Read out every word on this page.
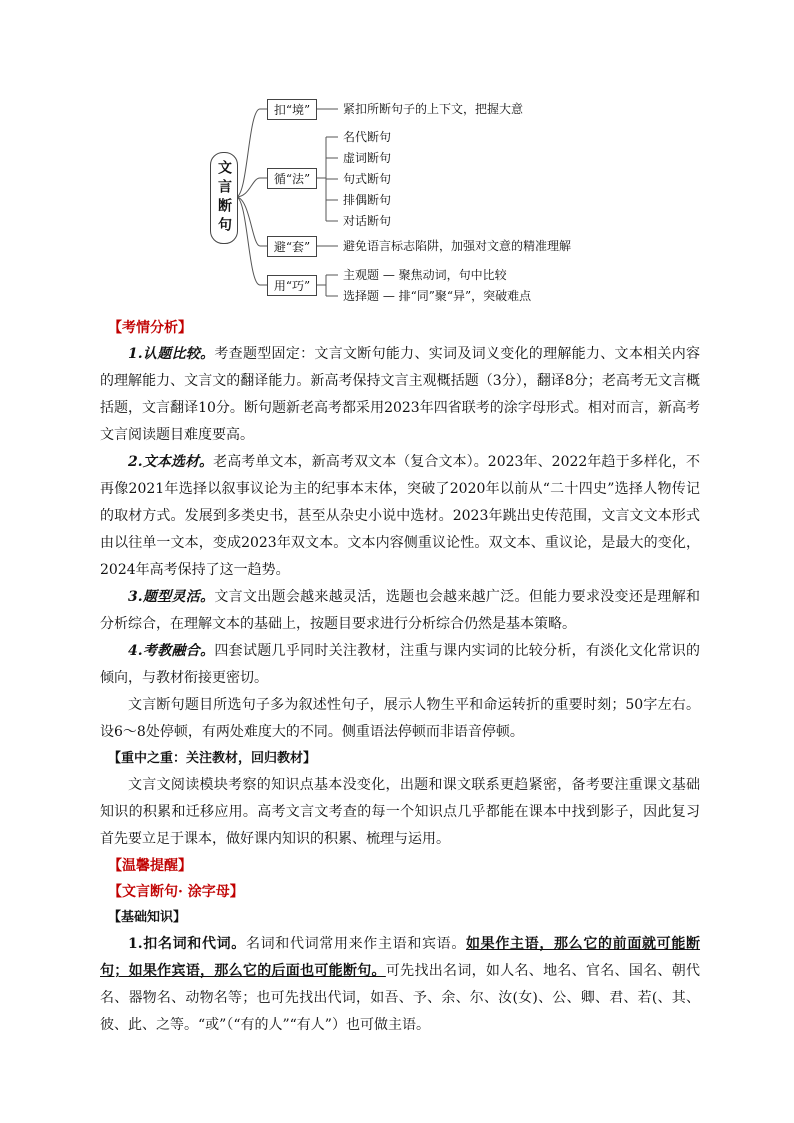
文言断句
扣“境”
循“法”
避“套”
用“巧”
紧扣所断句子的上下文，把握大意
名代断句
虚词断句
句式断句
排偶断句
对话断句
避免语言标志陷阱，加强对文意的精准理解
主观题 — 聚焦动词，句中比较
选择题 — 排“同”聚“异”，突破难点
【考情分析】

1.认题比较。考查题型固定：文言文断句能力、实词及词义变化的理解能力、文本相关内容的理解能力、文言文的翻译能力。新高考保持文言主观概括题（3分），翻译8分；老高考无文言概括题，文言翻译10分。断句题新老高考都采用2023年四省联考的涂字母形式。相对而言，新高考文言阅读题目难度要高。

2.文本选材。老高考单文本，新高考双文本（复合文本）。2023年、2022年趋于多样化，不再像2021年选择以叙事议论为主的纪事本末体，突破了2020年以前从“二十四史”选择人物传记的取材方式。发展到多类史书，甚至从杂史小说中选材。2023年跳出史传范围，文言文文本形式由以往单一文本，变成2023年双文本。文本内容侧重议论性。双文本、重议论，是最大的变化，2024年高考保持了这一趋势。

3.题型灵活。文言文出题会越来越灵活，选题也会越来越广泛。但能力要求没变还是理解和分析综合，在理解文本的基础上，按题目要求进行分析综合仍然是基本策略。

4.考教融合。四套试题几乎同时关注教材，注重与课内实词的比较分析，有淡化文化常识的倾向，与教材衔接更密切。

文言断句题目所选句子多为叙述性句子，展示人物生平和命运转折的重要时刻；50字左右。设6～8处停顿，有两处难度大的不同。侧重语法停顿而非语音停顿。

【重中之重：关注教材，回归教材】

文言文阅读模块考察的知识点基本没变化，出题和课文联系更趋紧密，备考要注重课文基础知识的积累和迁移应用。高考文言文考查的每一个知识点几乎都能在课本中找到影子，因此复习首先要立足于课本，做好课内知识的积累、梳理与运用。

【温馨提醒】
【文言断句· 涂字母】
【基础知识】

1.扣名词和代词。名词和代词常用来作主语和宾语。如果作主语，那么它的前面就可能断句；如果作宾语，那么它的后面也可能断句。可先找出名词，如人名、地名、官名、国名、朝代名、器物名、动物名等；也可先找出代词，如吾、予、余、尔、汝(女)、公、卿、君、若(、其、彼、此、之等。“或”（“有的人”“有人”）也可做主语。
